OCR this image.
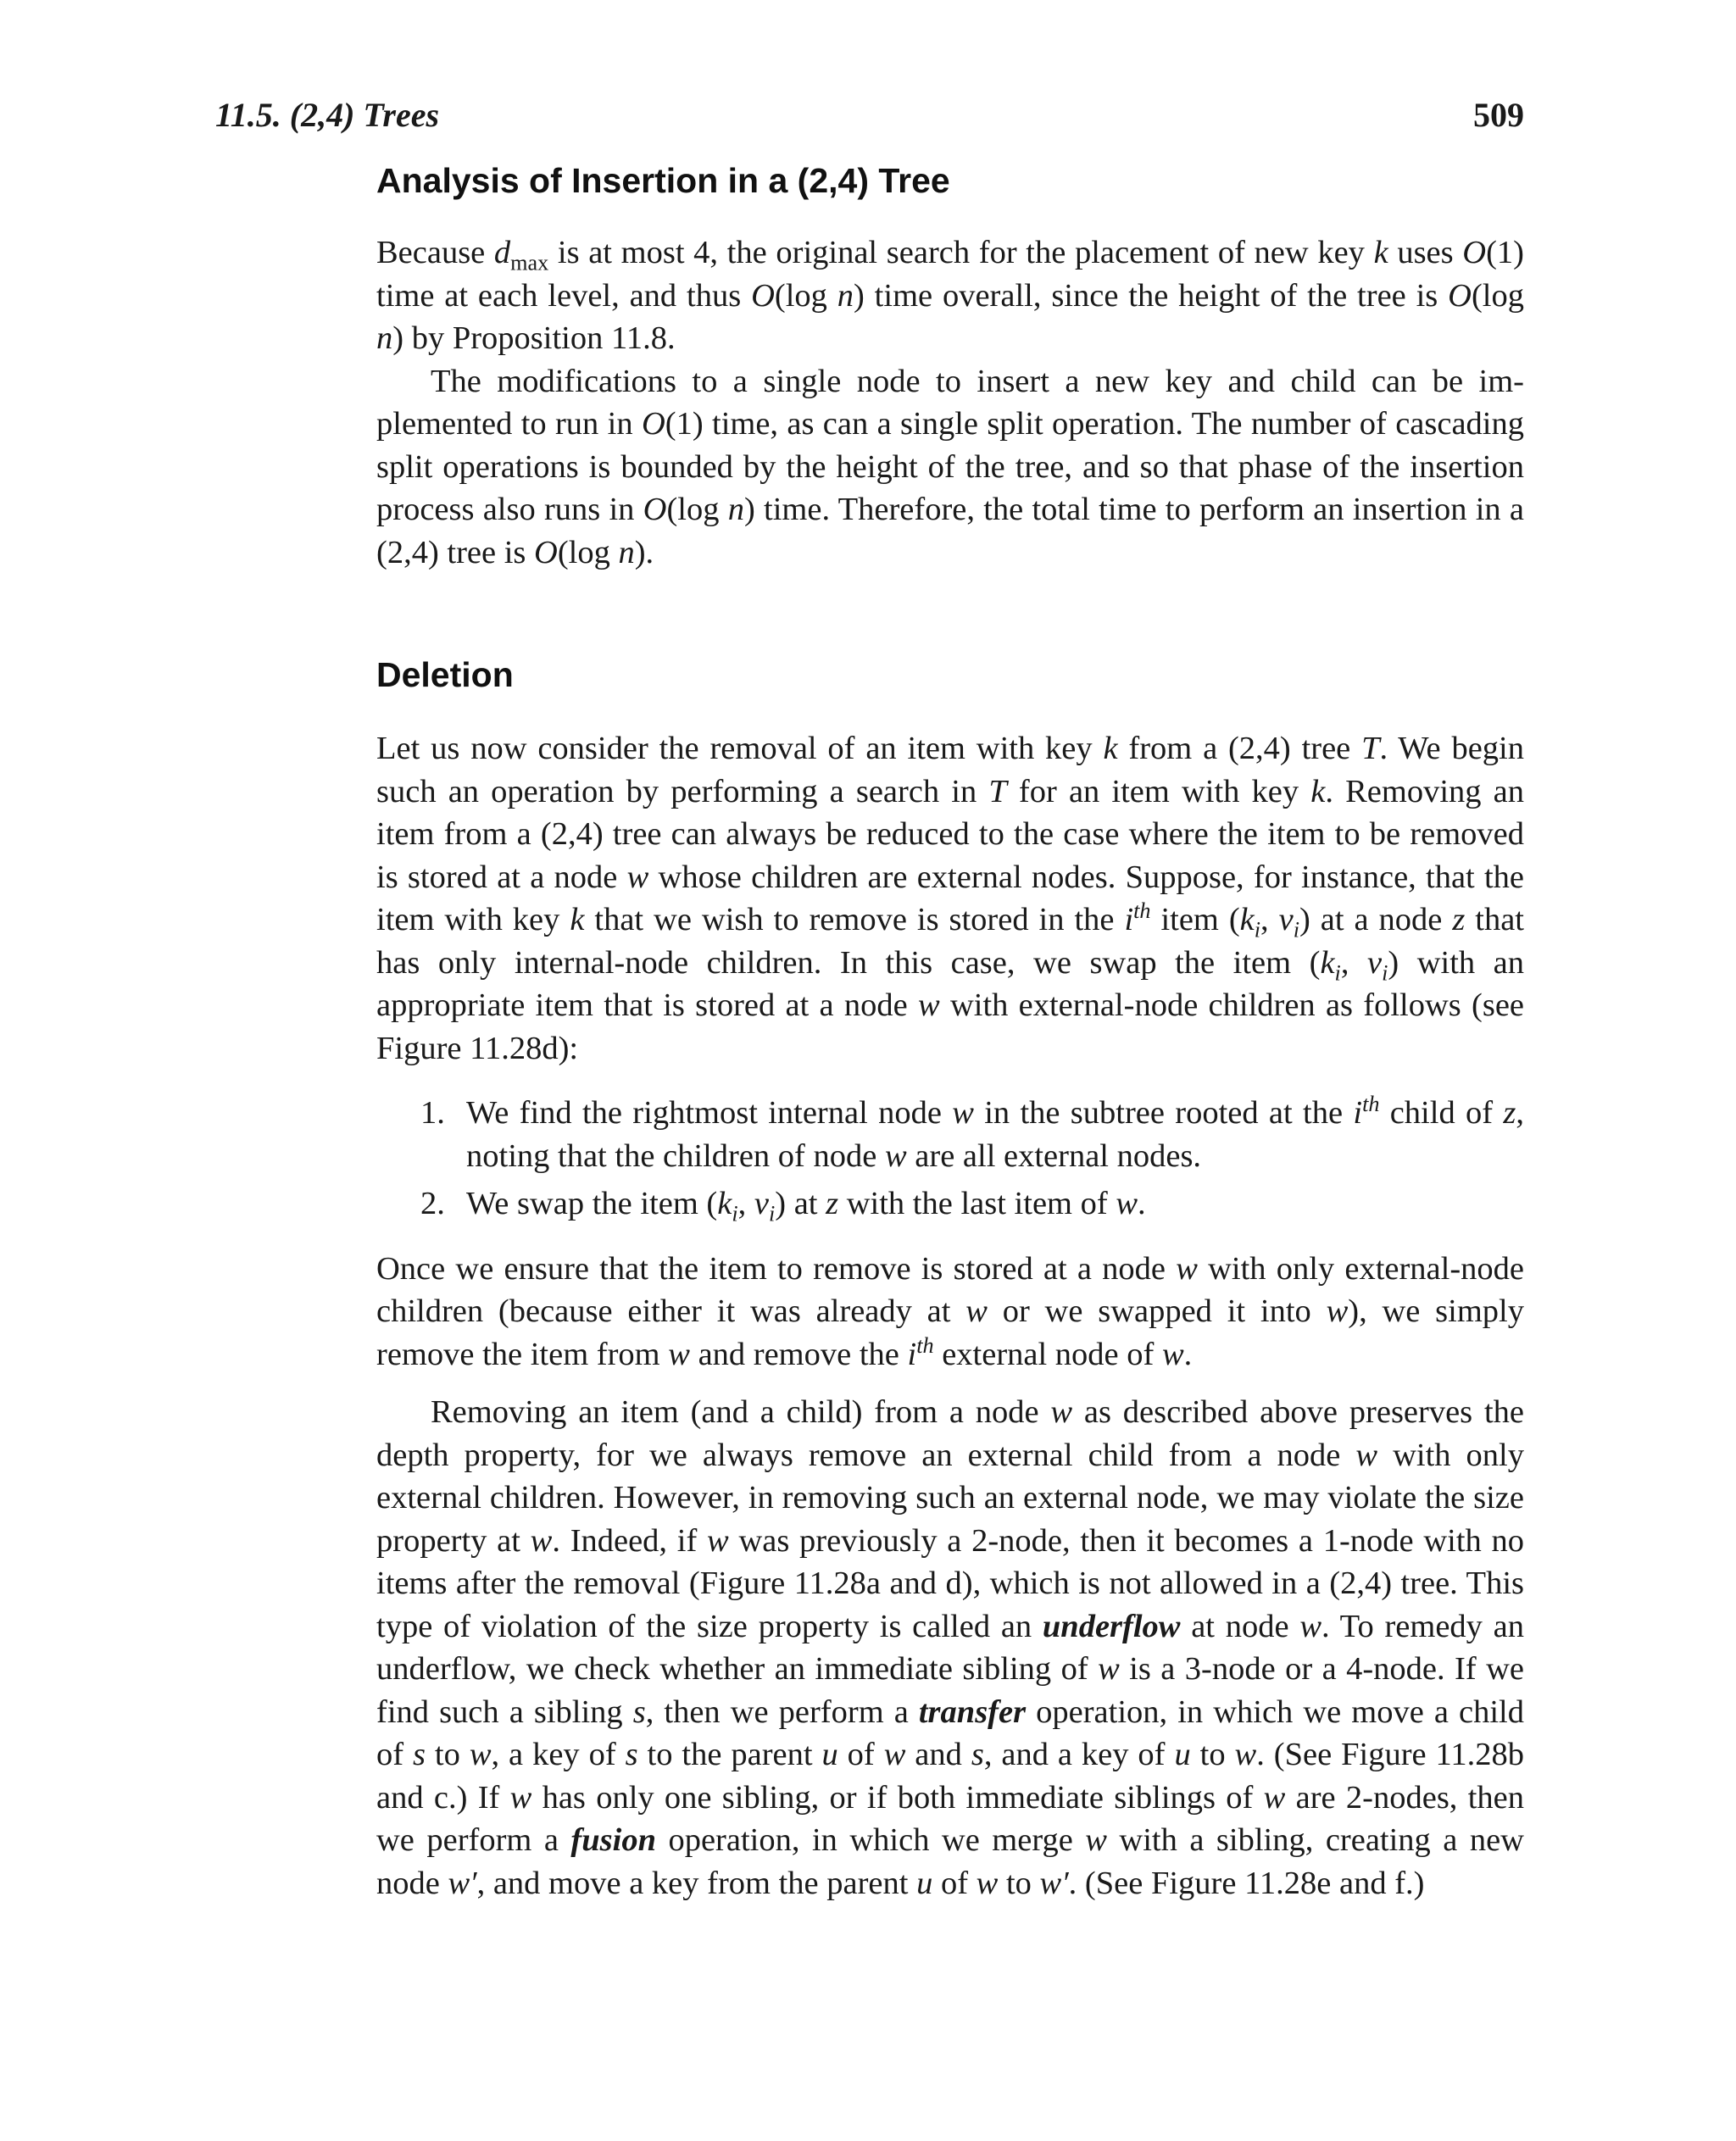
11.5. (2,4) Trees	509
Analysis of Insertion in a (2,4) Tree

Because $d_{max}$ is at most 4, the original search for the placement of new key k uses O(1) time at each level, and thus O(log n) time overall, since the height of the tree is O(log n) by Proposition 11.8.

The modifications to a single node to insert a new key and child can be implemented to run in O(1) time, as can a single split operation. The number of cascading split operations is bounded by the height of the tree, and so that phase of the insertion process also runs in O(log n) time. Therefore, the total time to perform an insertion in a (2,4) tree is O(log n).

Deletion

Let us now consider the removal of an item with key k from a (2,4) tree T. We begin such an operation by performing a search in T for an item with key k. Removing an item from a (2,4) tree can always be reduced to the case where the item to be removed is stored at a node w whose children are external nodes. Suppose, for instance, that the item with key k that we wish to remove is stored in the $i^{th}$ item ($k_i$, $v_i$) at a node z that has only internal-node children. In this case, we swap the item ($k_i$, $v_i$) with an appropriate item that is stored at a node w with external-node children as follows (see Figure 11.28d):

1. We find the rightmost internal node w in the subtree rooted at the $i^{th}$ child of z, noting that the children of node w are all external nodes.
2. We swap the item ($k_i$, $v_i$) at z with the last item of w.

Once we ensure that the item to remove is stored at a node w with only external-node children (because either it was already at w or we swapped it into w), we simply remove the item from w and remove the $i^{th}$ external node of w.

Removing an item (and a child) from a node w as described above preserves the depth property, for we always remove an external child from a node w with only external children. However, in removing such an external node, we may violate the size property at w. Indeed, if w was previously a 2-node, then it becomes a 1-node with no items after the removal (Figure 11.28a and d), which is not allowed in a (2,4) tree. This type of violation of the size property is called an underflow at node w. To remedy an underflow, we check whether an immediate sibling of w is a 3-node or a 4-node. If we find such a sibling s, then we perform a transfer operation, in which we move a child of s to w, a key of s to the parent u of w and s, and a key of u to w. (See Figure 11.28b and c.) If w has only one sibling, or if both immediate siblings of w are 2-nodes, then we perform a fusion operation, in which we merge w with a sibling, creating a new node w′, and move a key from the parent u of w to w′. (See Figure 11.28e and f.)
